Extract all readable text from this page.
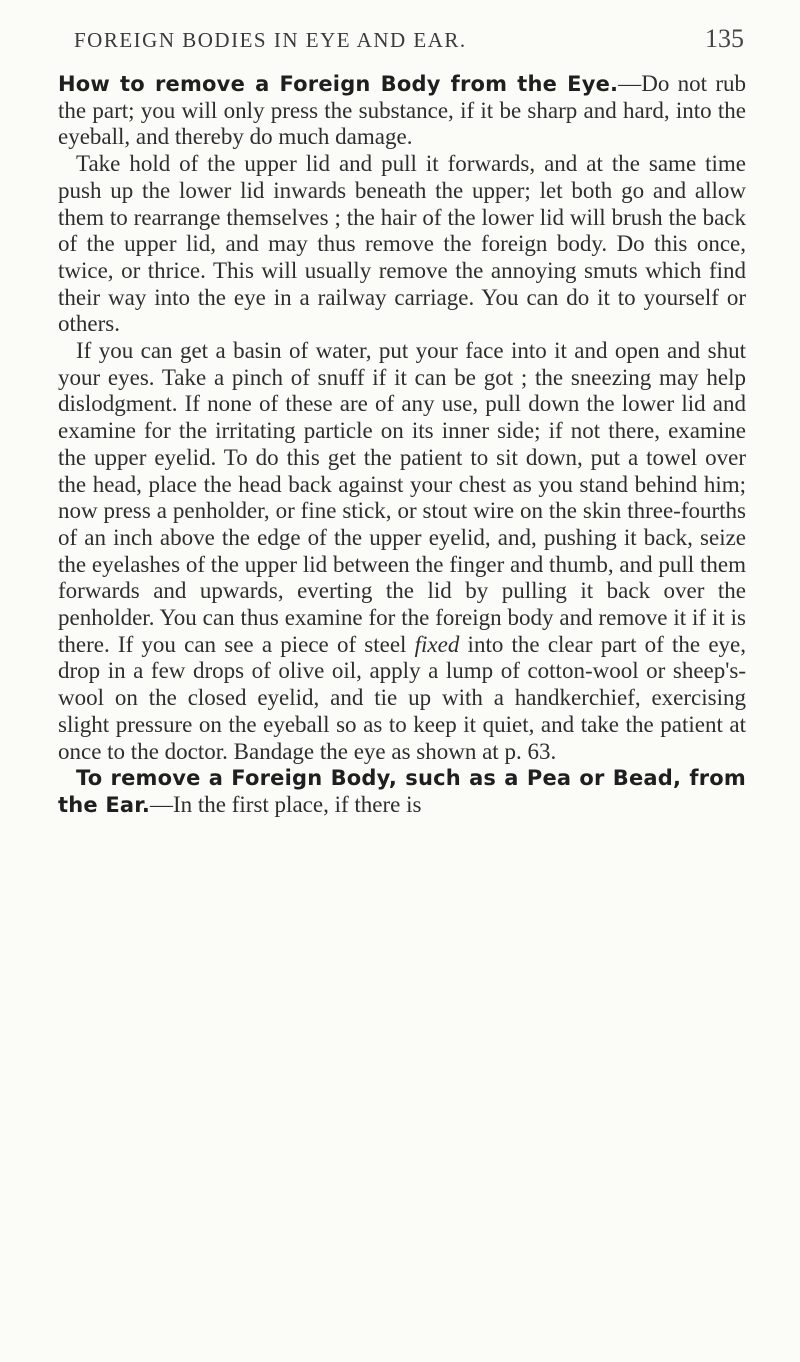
FOREIGN BODIES IN EYE AND EAR.	135

How to remove a Foreign Body from the Eye.—Do not rub the part; you will only press the substance, if it be sharp and hard, into the eyeball, and thereby do much damage.

Take hold of the upper lid and pull it forwards, and at the same time push up the lower lid inwards beneath the upper; let both go and allow them to rearrange themselves ; the hair of the lower lid will brush the back of the upper lid, and may thus remove the foreign body. Do this once, twice, or thrice. This will usually remove the annoying smuts which find their way into the eye in a railway carriage. You can do it to yourself or others.

If you can get a basin of water, put your face into it and open and shut your eyes. Take a pinch of snuff if it can be got ; the sneezing may help dislodgment. If none of these are of any use, pull down the lower lid and examine for the irritating particle on its inner side; if not there, examine the upper eyelid. To do this get the patient to sit down, put a towel over the head, place the head back against your chest as you stand behind him; now press a penholder, or fine stick, or stout wire on the skin three-fourths of an inch above the edge of the upper eyelid, and, pushing it back, seize the eyelashes of the upper lid between the finger and thumb, and pull them forwards and upwards, everting the lid by pulling it back over the penholder. You can thus examine for the foreign body and remove it if it is there. If you can see a piece of steel fixed into the clear part of the eye, drop in a few drops of olive oil, apply a lump of cotton-wool or sheep's-wool on the closed eyelid, and tie up with a handkerchief, exercising slight pressure on the eyeball so as to keep it quiet, and take the patient at once to the doctor. Bandage the eye as shown at p. 63.

To remove a Foreign Body, such as a Pea or Bead, from the Ear.—In the first place, if there is
